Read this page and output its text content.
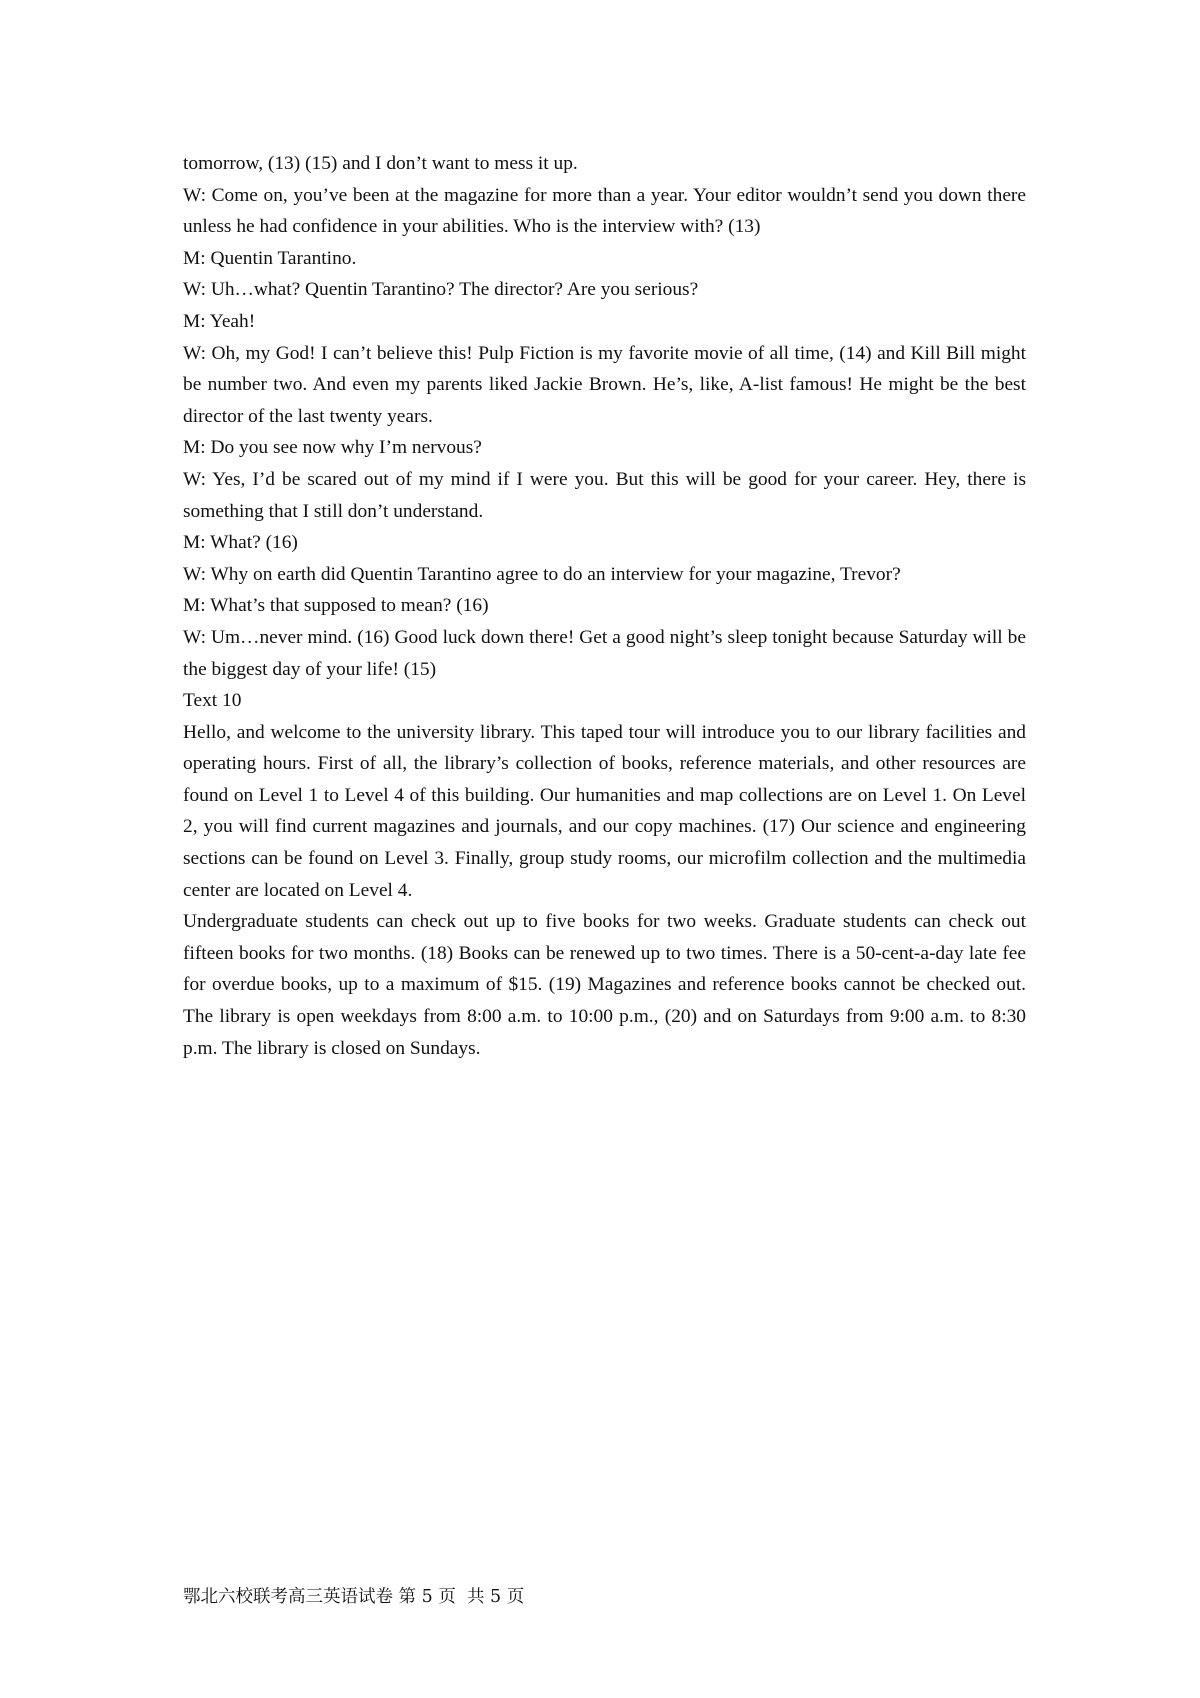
tomorrow, (13) (15) and I don’t want to mess it up.

W: Come on, you’ve been at the magazine for more than a year. Your editor wouldn’t send you down there unless he had confidence in your abilities. Who is the interview with? (13)

M: Quentin Tarantino.

W: Uh…what? Quentin Tarantino? The director? Are you serious?

M: Yeah!

W: Oh, my God! I can’t believe this! Pulp Fiction is my favorite movie of all time, (14) and Kill Bill might be number two. And even my parents liked Jackie Brown. He’s, like, A-list famous! He might be the best director of the last twenty years.

M: Do you see now why I’m nervous?

W: Yes, I’d be scared out of my mind if I were you. But this will be good for your career. Hey, there is something that I still don’t understand.

M: What? (16)

W: Why on earth did Quentin Tarantino agree to do an interview for your magazine, Trevor?

M: What’s that supposed to mean? (16)

W: Um…never mind. (16) Good luck down there! Get a good night’s sleep tonight because Saturday will be the biggest day of your life! (15)

Text 10

Hello, and welcome to the university library. This taped tour will introduce you to our library facilities and operating hours. First of all, the library’s collection of books, reference materials, and other resources are found on Level 1 to Level 4 of this building. Our humanities and map collections are on Level 1. On Level 2, you will find current magazines and journals, and our copy machines. (17) Our science and engineering sections can be found on Level 3. Finally, group study rooms, our microfilm collection and the multimedia center are located on Level 4.

Undergraduate students can check out up to five books for two weeks. Graduate students can check out fifteen books for two months. (18) Books can be renewed up to two times. There is a 50-cent-a-day late fee for overdue books, up to a maximum of $15. (19) Magazines and reference books cannot be checked out. The library is open weekdays from 8:00 a.m. to 10:00 p.m., (20) and on Saturdays from 9:00 a.m. to 8:30 p.m. The library is closed on Sundays.

鄂北六校联考高三英语试卷 第 5 页  共 5 页
